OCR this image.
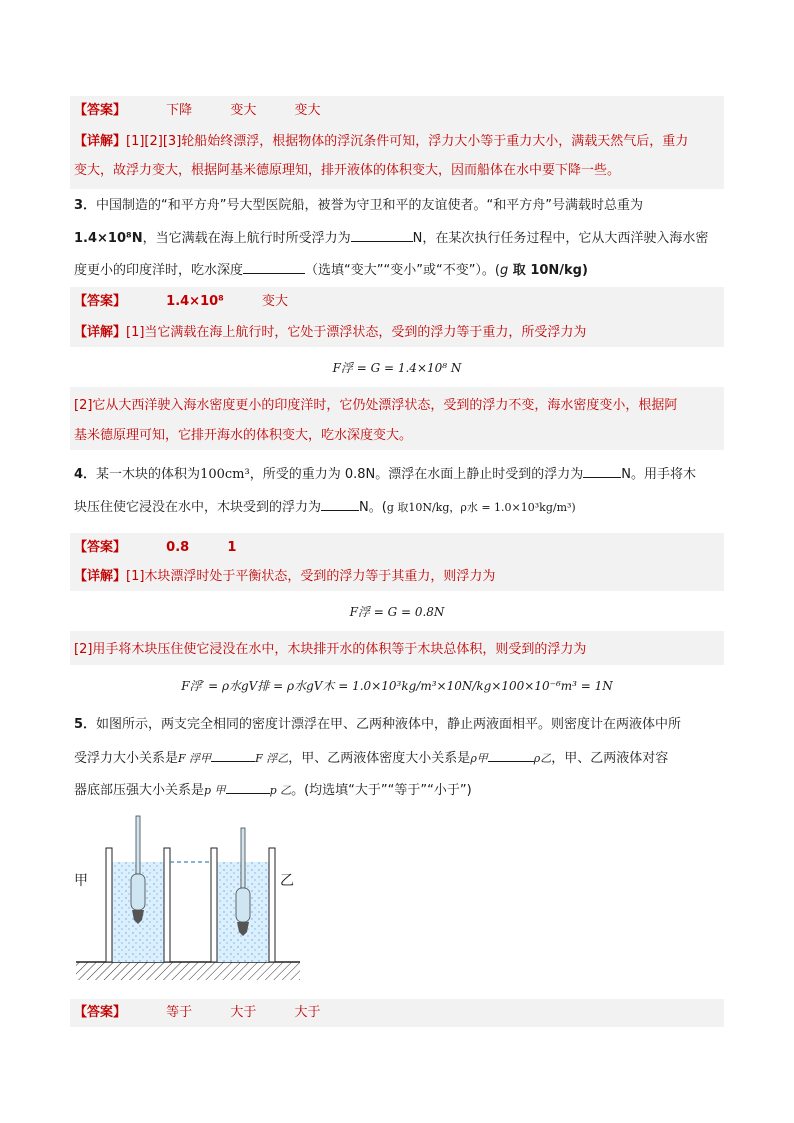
【答案】	下降	变大	变大
【详解】[1][2][3]轮船始终漂浮，根据物体的浮沉条件可知，浮力大小等于重力大小，满载天然气后，重力
变大，故浮力变大，根据阿基米德原理知，排开液体的体积变大，因而船体在水中要下降一些。
3．中国制造的“和平方舟”号大型医院船，被誉为守卫和平的友谊使者。“和平方舟”号满载时总重为
1.4×10⁸N，当它满载在海上航行时所受浮力为	N，在某次执行任务过程中，它从大西洋驶入海水密
度更小的印度洋时，吃水深度	（选填“变大”“变小”或“不变”）。(g 取 10N/kg)
【答案】	1.4×10⁸	变大
【详解】[1]当它满载在海上航行时，它处于漂浮状态，受到的浮力等于重力，所受浮力为
F浮 = G = 1.4×10⁸ N
[2]它从大西洋驶入海水密度更小的印度洋时，它仍处漂浮状态，受到的浮力不变，海水密度变小，根据阿
基米德原理可知，它排开海水的体积变大，吃水深度变大。
4．某一木块的体积为100cm³，所受的重力为 0.8N。漂浮在水面上静止时受到的浮力为	N。用手将木
块压住使它浸没在水中，木块受到的浮力为	N。(g 取10N/kg，ρ水 = 1.0×10³kg/m³)
【答案】	0.8	1
【详解】[1]木块漂浮时处于平衡状态，受到的浮力等于其重力，则浮力为
F浮 = G = 0.8N
[2]用手将木块压住使它浸没在水中，木块排开水的体积等于木块总体积，则受到的浮力为
F浮′ = ρ水gV排 = ρ水gV木 = 1.0×10³kg/m³×10N/kg×100×10⁻⁶m³ = 1N
5．如图所示，两支完全相同的密度计漂浮在甲、乙两种液体中，静止两液面相平。则密度计在两液体中所
受浮力大小关系是F 浮甲	F 浮乙，甲、乙两液体密度大小关系是ρ甲	ρ乙，甲、乙两液体对容
器底部压强大小关系是p 甲	p 乙。(均选填“大于”“等于”“小于”)
甲	乙
【答案】	等于	大于	大于
